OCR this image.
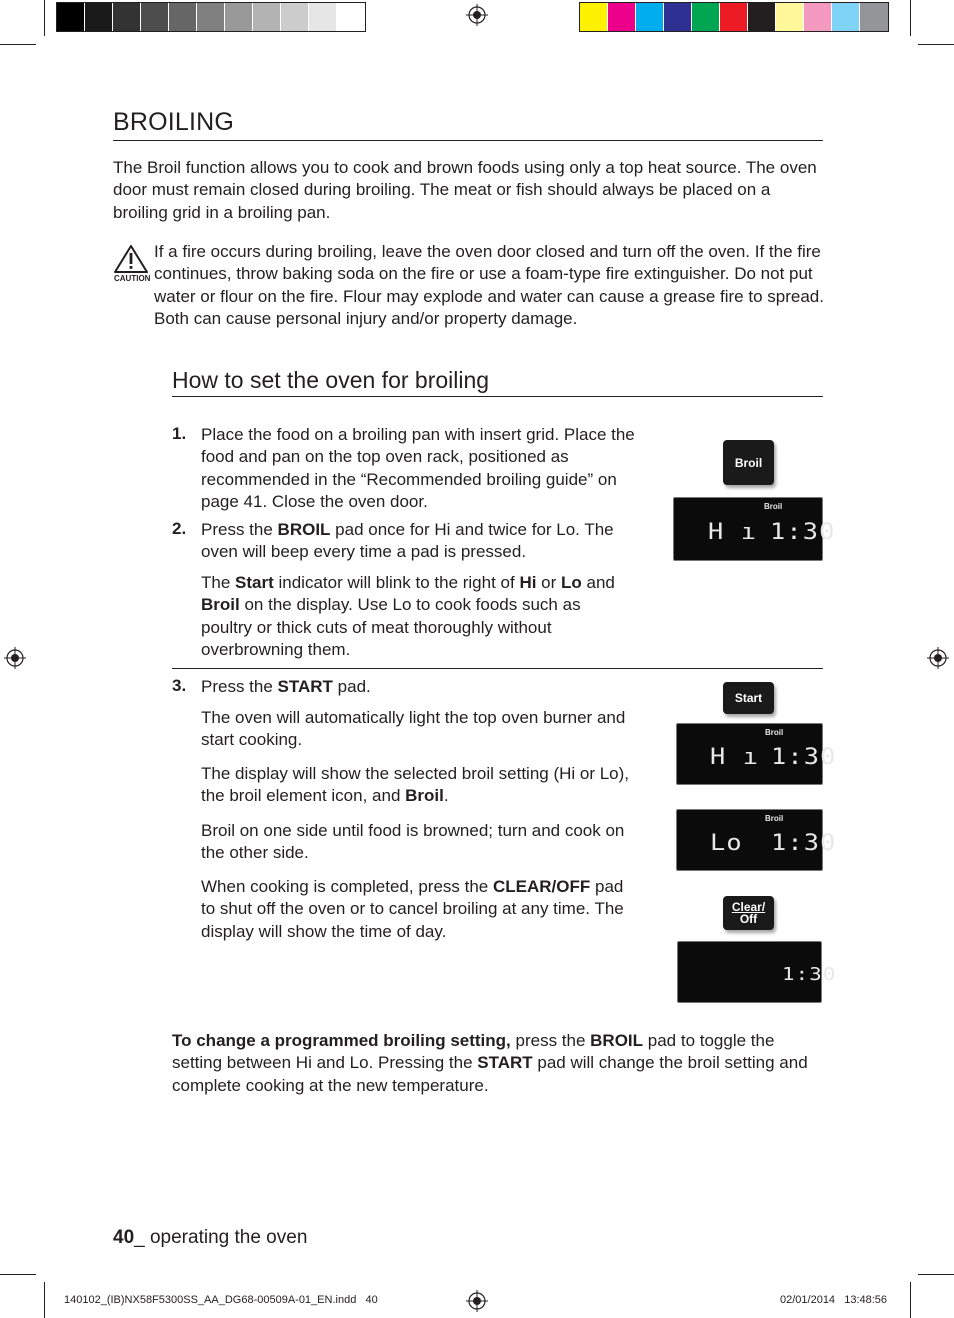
BROILING

The Broil function allows you to cook and brown foods using only a top heat source. The oven door must remain closed during broiling. The meat or fish should always be placed on a broiling grid in a broiling pan.

CAUTION

If a fire occurs during broiling, leave the oven door closed and turn off the oven. If the fire continues, throw baking soda on the fire or use a foam-type fire extinguisher. Do not put water or flour on the fire. Flour may explode and water can cause a grease fire to spread. Both can cause personal injury and/or property damage.

How to set the oven for broiling
1. Place the food on a broiling pan with insert grid. Place the food and pan on the top oven rack, positioned as recommended in the “Recommended broiling guide” on page 41. Close the oven door.

2. Press the BROIL pad once for Hi and twice for Lo. The oven will beep every time a pad is pressed.

The Start indicator will blink to the right of Hi or Lo and Broil on the display. Use Lo to cook foods such as poultry or thick cuts of meat thoroughly without overbrowning them.

3. Press the START pad.

The oven will automatically light the top oven burner and start cooking.

The display will show the selected broil setting (Hi or Lo), the broil element icon, and Broil.

Broil on one side until food is browned; turn and cook on the other side.

When cooking is completed, press the CLEAR/OFF pad to shut off the oven or to cancel broiling at any time. The display will show the time of day.

Broil
Broil
H ı 1:30
Start
Broil
H ı 1:30
Broil
Lo 1:30
Clear/
Off
1:30

To change a programmed broiling setting, press the BROIL pad to toggle the setting between Hi and Lo. Pressing the START pad will change the broil setting and complete cooking at the new temperature.

40_ operating the oven
140102_(IB)NX58F5300SS_AA_DG68-00509A-01_EN.indd   40	02/01/2014   13:48:56
